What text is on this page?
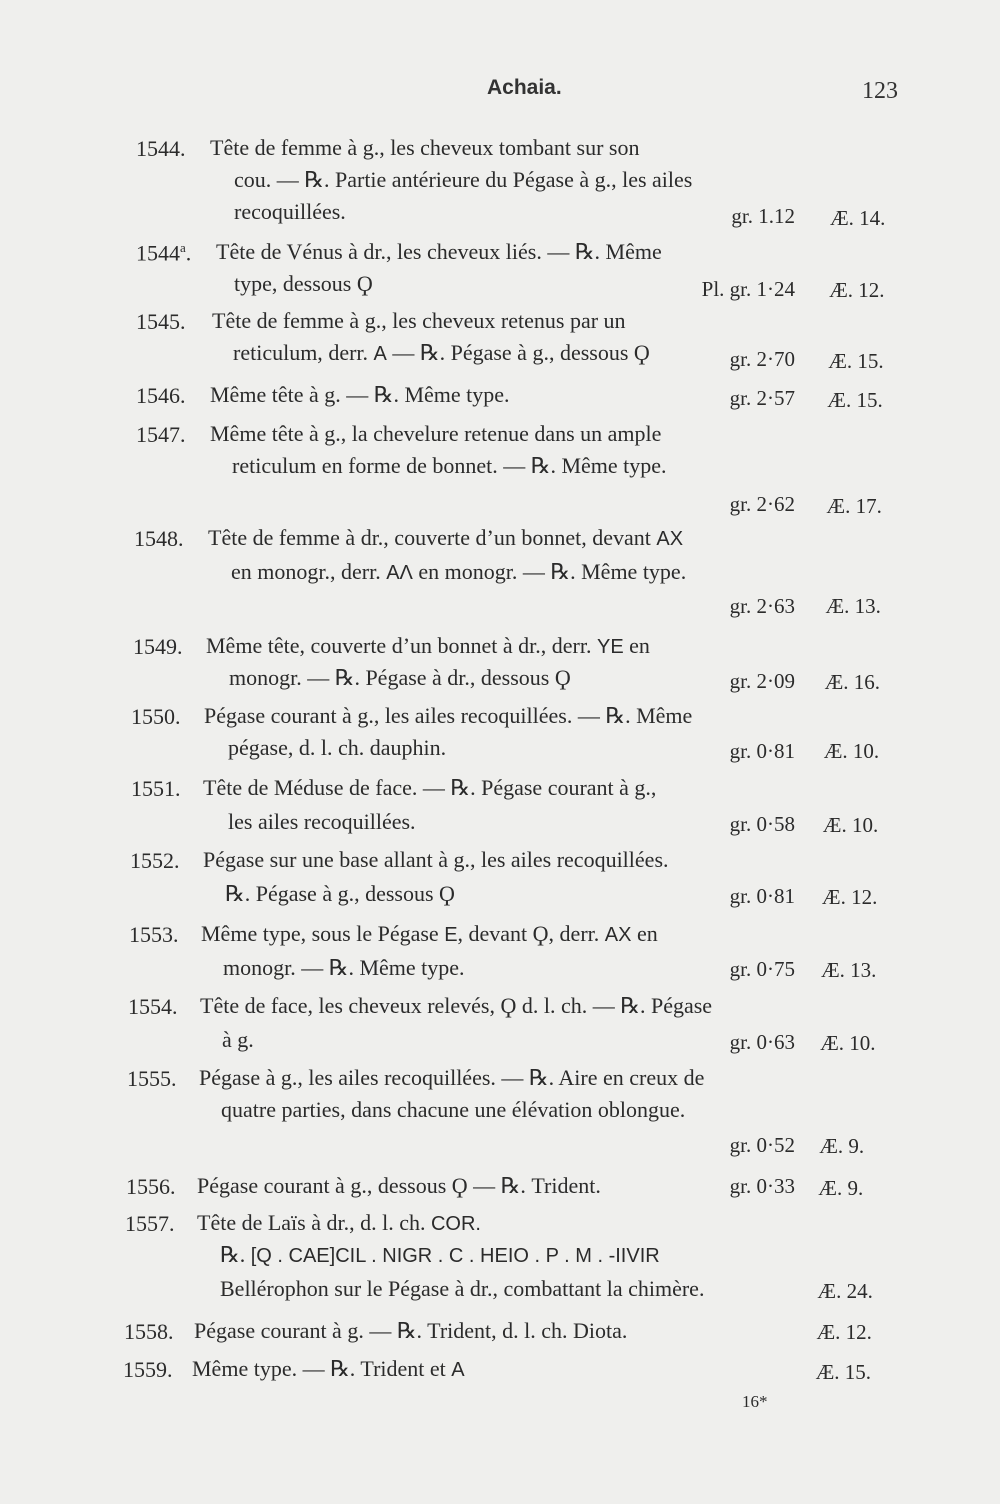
Achaia.	123
1544. Tête de femme à g., les cheveux tombant sur son
cou. — ℞. Partie antérieure du Pégase à g., les ailes
recoquillées.	gr. 1.12 Æ. 14.
1544$^a$. Tête de Vénus à dr., les cheveux liés. — ℞. Même
type, dessous Ϙ	Pl. gr. 1·24 Æ. 12.
1545. Tête de femme à g., les cheveux retenus par un
reticulum, derr. A — ℞. Pégase à g., dessous Ϙ	gr. 2·70 Æ. 15.
1546. Même tête à g. — ℞. Même type.	gr. 2·57 Æ. 15.
1547. Même tête à g., la chevelure retenue dans un ample
reticulum en forme de bonnet. — ℞. Même type.
gr. 2·62 Æ. 17.
1548. Tête de femme à dr., couverte d’un bonnet, devant AX
en monogr., derr. AΛ en monogr. — ℞. Même type.
gr. 2·63 Æ. 13.
1549. Même tête, couverte d’un bonnet à dr., derr. YE en
monogr. — ℞. Pégase à dr., dessous Ϙ	gr. 2·09 Æ. 16.
1550. Pégase courant à g., les ailes recoquillées. — ℞. Même
pégase, d. l. ch. dauphin.	gr. 0·81 Æ. 10.
1551. Tête de Méduse de face. — ℞. Pégase courant à g.,
les ailes recoquillées.	gr. 0·58 Æ. 10.
1552. Pégase sur une base allant à g., les ailes recoquillées.
℞. Pégase à g., dessous Ϙ	gr. 0·81 Æ. 12.
1553. Même type, sous le Pégase E, devant Ϙ, derr. AX en
monogr. — ℞. Même type.	gr. 0·75 Æ. 13.
1554. Tête de face, les cheveux relevés, Ϙ d. l. ch. — ℞. Pégase
à g.	gr. 0·63 Æ. 10.
1555. Pégase à g., les ailes recoquillées. — ℞. Aire en creux de
quatre parties, dans chacune une élévation oblongue.
gr. 0·52 Æ. 9.
1556. Pégase courant à g., dessous Ϙ — ℞. Trident.	gr. 0·33 Æ. 9.
1557. Tête de Laïs à dr., d. l. ch. COR.
℞. [Q . CAE]CIL . NIGR . C . HEIO . P . M . -IIVIR
Bellérophon sur le Pégase à dr., combattant la chimère.	Æ. 24.
1558. Pégase courant à g. — ℞. Trident, d. l. ch. Diota.	Æ. 12.
1559. Même type. — ℞. Trident et A	Æ. 15.
16*
